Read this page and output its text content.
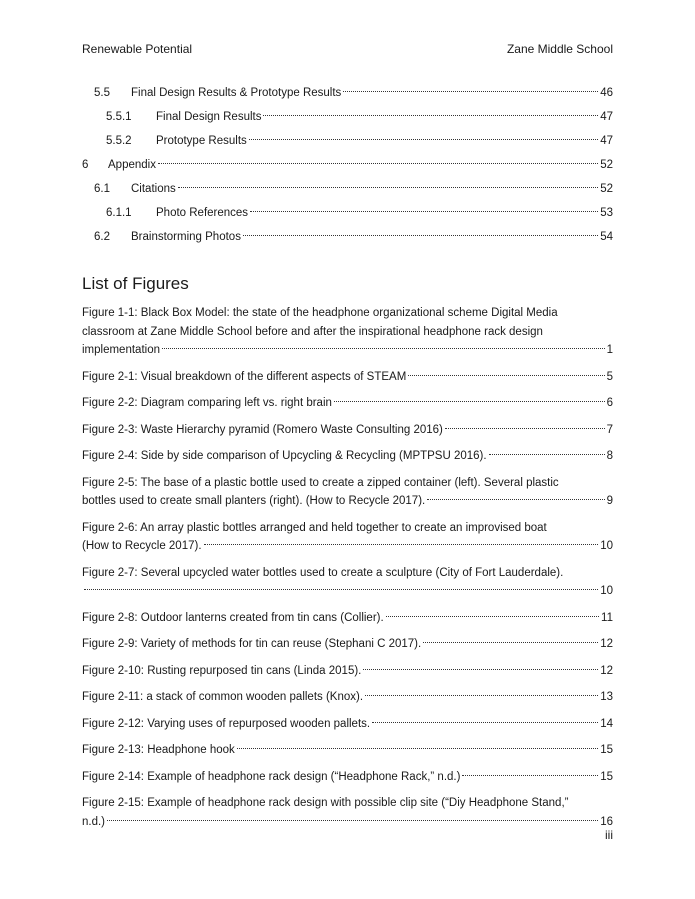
Renewable Potential	Zane Middle School
5.5	Final Design Results & Prototype Results	46
5.5.1	Final Design Results	47
5.5.2	Prototype Results	47
6	Appendix	52
6.1	Citations	52
6.1.1	Photo References	53
6.2	Brainstorming Photos	54
List of Figures
Figure 1-1: Black Box Model: the state of the headphone organizational scheme Digital Media
classroom at Zane Middle School before and after the inspirational headphone rack design
implementation	1
Figure 2-1: Visual breakdown of the different aspects of STEAM	5
Figure 2-2: Diagram comparing left vs. right brain	6
Figure 2-3: Waste Hierarchy pyramid (Romero Waste Consulting 2016)	7
Figure 2-4: Side by side comparison of Upcycling & Recycling (MPTPSU 2016).	8
Figure 2-5: The base of a plastic bottle used to create a zipped container (left). Several plastic
bottles used to create small planters (right). (How to Recycle 2017).	9
Figure 2-6: An array plastic bottles arranged and held together to create an improvised boat
(How to Recycle 2017).	10
Figure 2-7: Several upcycled water bottles used to create a sculpture (City of Fort Lauderdale).
10
Figure 2-8: Outdoor lanterns created from tin cans (Collier).	11
Figure 2-9: Variety of methods for tin can reuse (Stephani C 2017).	12
Figure 2-10: Rusting repurposed tin cans (Linda 2015).	12
Figure 2-11: a stack of common wooden pallets (Knox).	13
Figure 2-12: Varying uses of repurposed wooden pallets.	14
Figure 2-13: Headphone hook	15
Figure 2-14: Example of headphone rack design (“Headphone Rack,” n.d.)	15
Figure 2-15: Example of headphone rack design with possible clip site (“Diy Headphone Stand,”
n.d.)	16
iii
